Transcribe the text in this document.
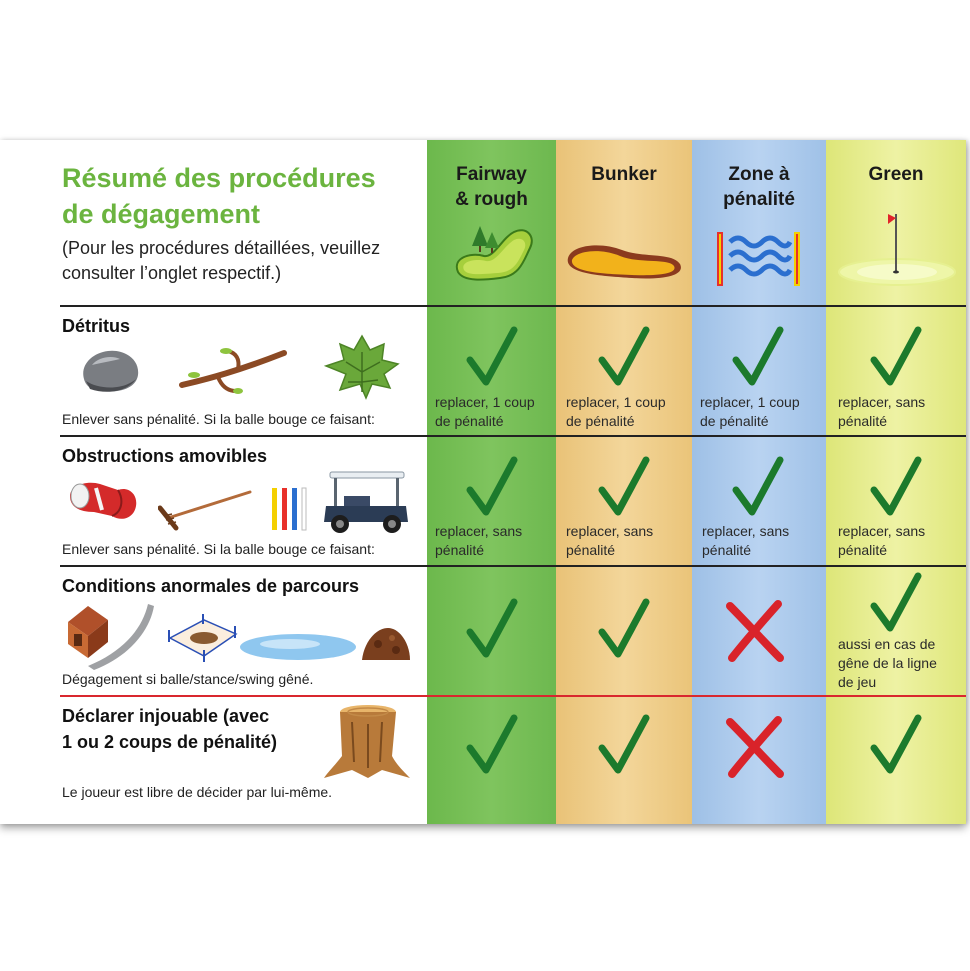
Résumé des procédures
de dégagement
(Pour les procédures détaillées, veuillez consulter l’onglet respectif.)
Fairway
& rough
Bunker	Zone à
pénalité
Green
Détritus
Enlever sans pénalité. Si la balle bouge ce faisant:
Obstructions amovibles
Enlever sans pénalité. Si la balle bouge ce faisant:
Conditions anormales de parcours
Dégagement si balle/stance/swing gêné.
Déclarer injouable (avec
1 ou 2 coups de pénalité)
Le joueur est libre de décider par lui-même.
replacer, 1 coup
de pénalité
replacer, 1 coup
de pénalité
replacer, 1 coup
de pénalité
replacer, sans
pénalité
replacer, sans
pénalité
replacer, sans
pénalité
replacer, sans
pénalité
replacer, sans
pénalité
aussi en cas de
gêne de la ligne
de jeu
